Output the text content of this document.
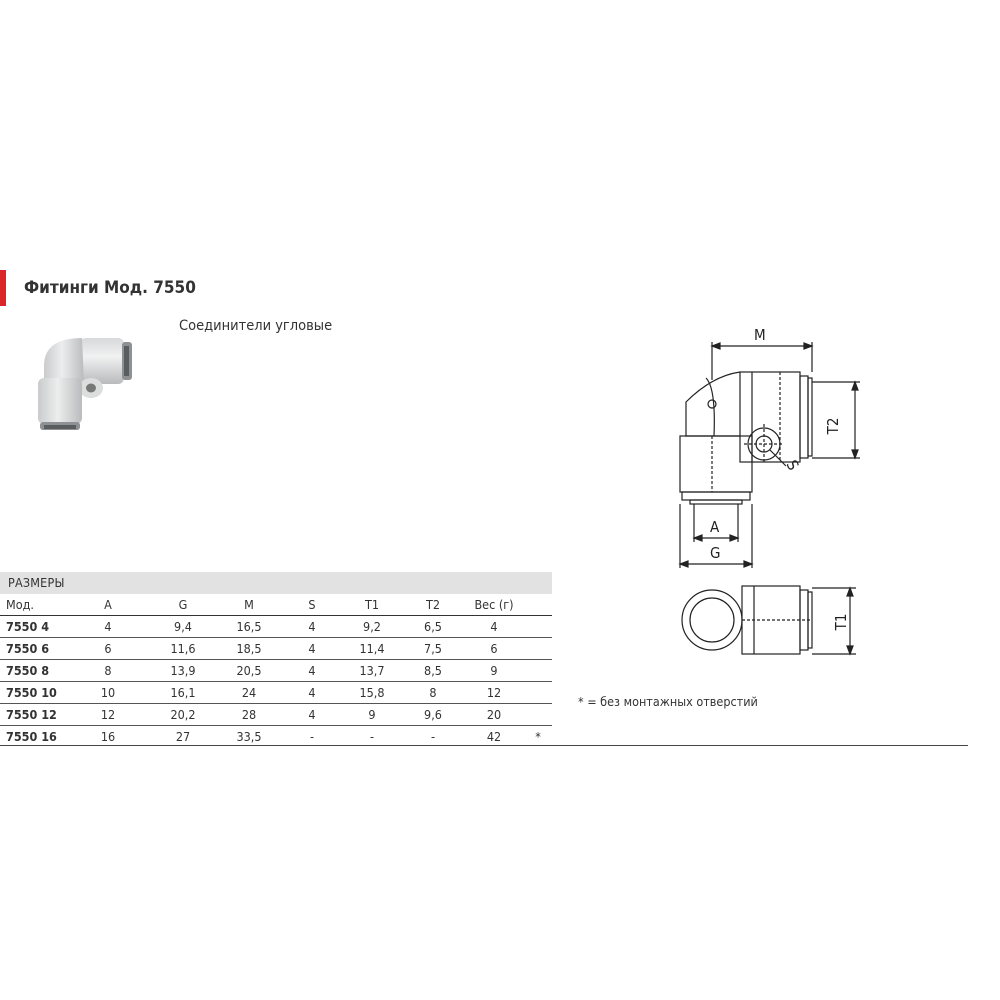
Фитинги Мод. 7550
Соединители угловые	M
T2
S
A
G
T1
РАЗМЕРЫ
Мод.	A	G	M	S	T1	T2	Вес (г)	
7550 4	4	9,4	16,5	4	9,2	6,5	4	
7550 6	6	11,6	18,5	4	11,4	7,5	6	
7550 8	8	13,9	20,5	4	13,7	8,5	9	
7550 10	10	16,1	24	4	15,8	8	12	
7550 12	12	20,2	28	4	9	9,6	20	
7550 16	16	27	33,5	-	-	-	42	*
* = без монтажных отверстий
